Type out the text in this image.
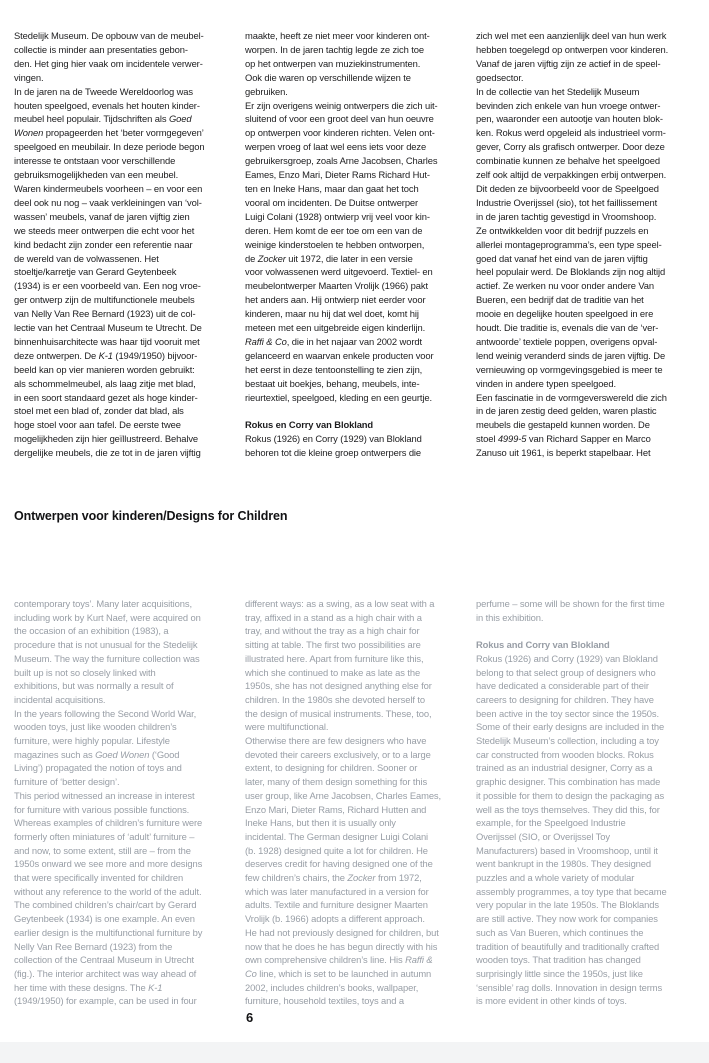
Stedelijk Museum. De opbouw van de meubel-
collectie is minder aan presentaties gebon-
den. Het ging hier vaak om incidentele verwer-
vingen.
In de jaren na de Tweede Wereldoorlog was
houten speelgoed, evenals het houten kinder-
meubel heel populair. Tijdschriften als Goed
Wonen propageerden het ‘beter vormgegeven’
speelgoed en meubilair. In deze periode begon
interesse te ontstaan voor verschillende
gebruiksmogelijkheden van een meubel.
Waren kindermeubels voorheen – en voor een
deel ook nu nog – vaak verkleiningen van ‘vol-
wassen’ meubels, vanaf de jaren vijftig zien
we steeds meer ontwerpen die echt voor het
kind bedacht zijn zonder een referentie naar
de wereld van de volwassenen. Het
stoeltje/karretje van Gerard Geytenbeek
(1934) is er een voorbeeld van. Een nog vroe-
ger ontwerp zijn de multifunctionele meubels
van Nelly Van Ree Bernard (1923) uit de col-
lectie van het Centraal Museum te Utrecht. De
binnenhuisarchitecte was haar tijd vooruit met
deze ontwerpen. De K-1 (1949/1950) bijvoor-
beeld kan op vier manieren worden gebruikt:
als schommelmeubel, als laag zitje met blad,
in een soort standaard gezet als hoge kinder-
stoel met een blad of, zonder dat blad, als
hoge stoel voor aan tafel. De eerste twee
mogelijkheden zijn hier geïllustreerd. Behalve
dergelijke meubels, die ze tot in de jaren vijftig
maakte, heeft ze niet meer voor kinderen ont-
worpen. In de jaren tachtig legde ze zich toe
op het ontwerpen van muziekinstrumenten.
Ook die waren op verschillende wijzen te
gebruiken.
Er zijn overigens weinig ontwerpers die zich uit-
sluitend of voor een groot deel van hun oeuvre
op ontwerpen voor kinderen richten. Velen ont-
werpen vroeg of laat wel eens iets voor deze
gebruikersgroep, zoals Arne Jacobsen, Charles
Eames, Enzo Mari, Dieter Rams Richard Hut-
ten en Ineke Hans, maar dan gaat het toch
vooral om incidenten. De Duitse ontwerper
Luigi Colani (1928) ontwierp vrij veel voor kin-
deren. Hem komt de eer toe om een van de
weinige kinderstoelen te hebben ontworpen,
de Zocker uit 1972, die later in een versie
voor volwassenen werd uitgevoerd. Textiel- en
meubelontwerper Maarten Vrolijk (1966) pakt
het anders aan. Hij ontwierp niet eerder voor
kinderen, maar nu hij dat wel doet, komt hij
meteen met een uitgebreide eigen kinderlijn.
Raffi & Co, die in het najaar van 2002 wordt
gelanceerd en waarvan enkele producten voor
het eerst in deze tentoonstelling te zien zijn,
bestaat uit boekjes, behang, meubels, inte-
rieurtextiel, speelgoed, kleding en een geurtje.

Rokus en Corry van Blokland
Rokus (1926) en Corry (1929) van Blokland
behoren tot die kleine groep ontwerpers die
zich wel met een aanzienlijk deel van hun werk
hebben toegelegd op ontwerpen voor kinderen.
Vanaf de jaren vijftig zijn ze actief in de speel-
goedsector.
In de collectie van het Stedelijk Museum
bevinden zich enkele van hun vroege ontwer-
pen, waaronder een autootje van houten blok-
ken. Rokus werd opgeleid als industrieel vorm-
gever, Corry als grafisch ontwerper. Door deze
combinatie kunnen ze behalve het speelgoed
zelf ook altijd de verpakkingen erbij ontwerpen.
Dit deden ze bijvoorbeeld voor de Speelgoed
Industrie Overijssel (sio), tot het faillissement
in de jaren tachtig gevestigd in Vroomshoop.
Ze ontwikkelden voor dit bedrijf puzzels en
allerlei montageprogramma’s, een type speel-
goed dat vanaf het eind van de jaren vijftig
heel populair werd. De Bloklands zijn nog altijd
actief. Ze werken nu voor onder andere Van
Bueren, een bedrijf dat de traditie van het
mooie en degelijke houten speelgoed in ere
houdt. Die traditie is, evenals die van de ‘ver-
antwoorde’ textiele poppen, overigens opval-
lend weinig veranderd sinds de jaren vijftig. De
vernieuwing op vormgevingsgebied is meer te
vinden in andere typen speelgoed.
Een fascinatie in de vormgeverswereld die zich
in de jaren zestig deed gelden, waren plastic
meubels die gestapeld kunnen worden. De
stoel 4999-5 van Richard Sapper en Marco
Zanuso uit 1961, is beperkt stapelbaar. Het
Ontwerpen voor kinderen/Designs for Children
contemporary toys’. Many later acquisitions,
including work by Kurt Naef, were acquired on
the occasion of an exhibition (1983), a
procedure that is not unusual for the Stedelijk
Museum. The way the furniture collection was
built up is not so closely linked with
exhibitions, but was normally a result of
incidental acquisitions.
In the years following the Second World War,
wooden toys, just like wooden children’s
furniture, were highly popular. Lifestyle
magazines such as Goed Wonen (‘Good
Living’) propagated the notion of toys and
furniture of ‘better design’.
This period witnessed an increase in interest
for furniture with various possible functions.
Whereas examples of children’s furniture were
formerly often miniatures of ‘adult’ furniture –
and now, to some extent, still are – from the
1950s onward we see more and more designs
that were specifically invented for children
without any reference to the world of the adult.
The combined children’s chair/cart by Gerard
Geytenbeek (1934) is one example. An even
earlier design is the multifunctional furniture by
Nelly Van Ree Bernard (1923) from the
collection of the Centraal Museum in Utrecht
(fig.). The interior architect was way ahead of
her time with these designs. The K-1
(1949/1950) for example, can be used in four
different ways: as a swing, as a low seat with a
tray, affixed in a stand as a high chair with a
tray, and without the tray as a high chair for
sitting at table. The first two possibilities are
illustrated here. Apart from furniture like this,
which she continued to make as late as the
1950s, she has not designed anything else for
children. In the 1980s she devoted herself to
the design of musical instruments. These, too,
were multifunctional.
Otherwise there are few designers who have
devoted their careers exclusively, or to a large
extent, to designing for children. Sooner or
later, many of them design something for this
user group, like Arne Jacobsen, Charles Eames,
Enzo Mari, Dieter Rams, Richard Hutten and
Ineke Hans, but then it is usually only
incidental. The German designer Luigi Colani
(b. 1928) designed quite a lot for children. He
deserves credit for having designed one of the
few children’s chairs, the Zocker from 1972,
which was later manufactured in a version for
adults. Textile and furniture designer Maarten
Vrolijk (b. 1966) adopts a different approach.
He had not previously designed for children, but
now that he does he has begun directly with his
own comprehensive children’s line. His Raffi &
Co line, which is set to be launched in autumn
2002, includes children’s books, wallpaper,
furniture, household textiles, toys and a
perfume – some will be shown for the first time
in this exhibition.

Rokus and Corry van Blokland
Rokus (1926) and Corry (1929) van Blokland
belong to that select group of designers who
have dedicated a considerable part of their
careers to designing for children. They have
been active in the toy sector since the 1950s.
Some of their early designs are included in the
Stedelijk Museum’s collection, including a toy
car constructed from wooden blocks. Rokus
trained as an industrial designer, Corry as a
graphic designer. This combination has made
it possible for them to design the packaging as
well as the toys themselves. They did this, for
example, for the Speelgoed Industrie
Overijssel (SIO, or Overijssel Toy
Manufacturers) based in Vroomshoop, until it
went bankrupt in the 1980s. They designed
puzzles and a whole variety of modular
assembly programmes, a toy type that became
very popular in the late 1950s. The Bloklands
are still active. They now work for companies
such as Van Bueren, which continues the
tradition of beautifully and traditionally crafted
wooden toys. That tradition has changed
surprisingly little since the 1950s, just like
‘sensible’ rag dolls. Innovation in design terms
is more evident in other kinds of toys.
6
